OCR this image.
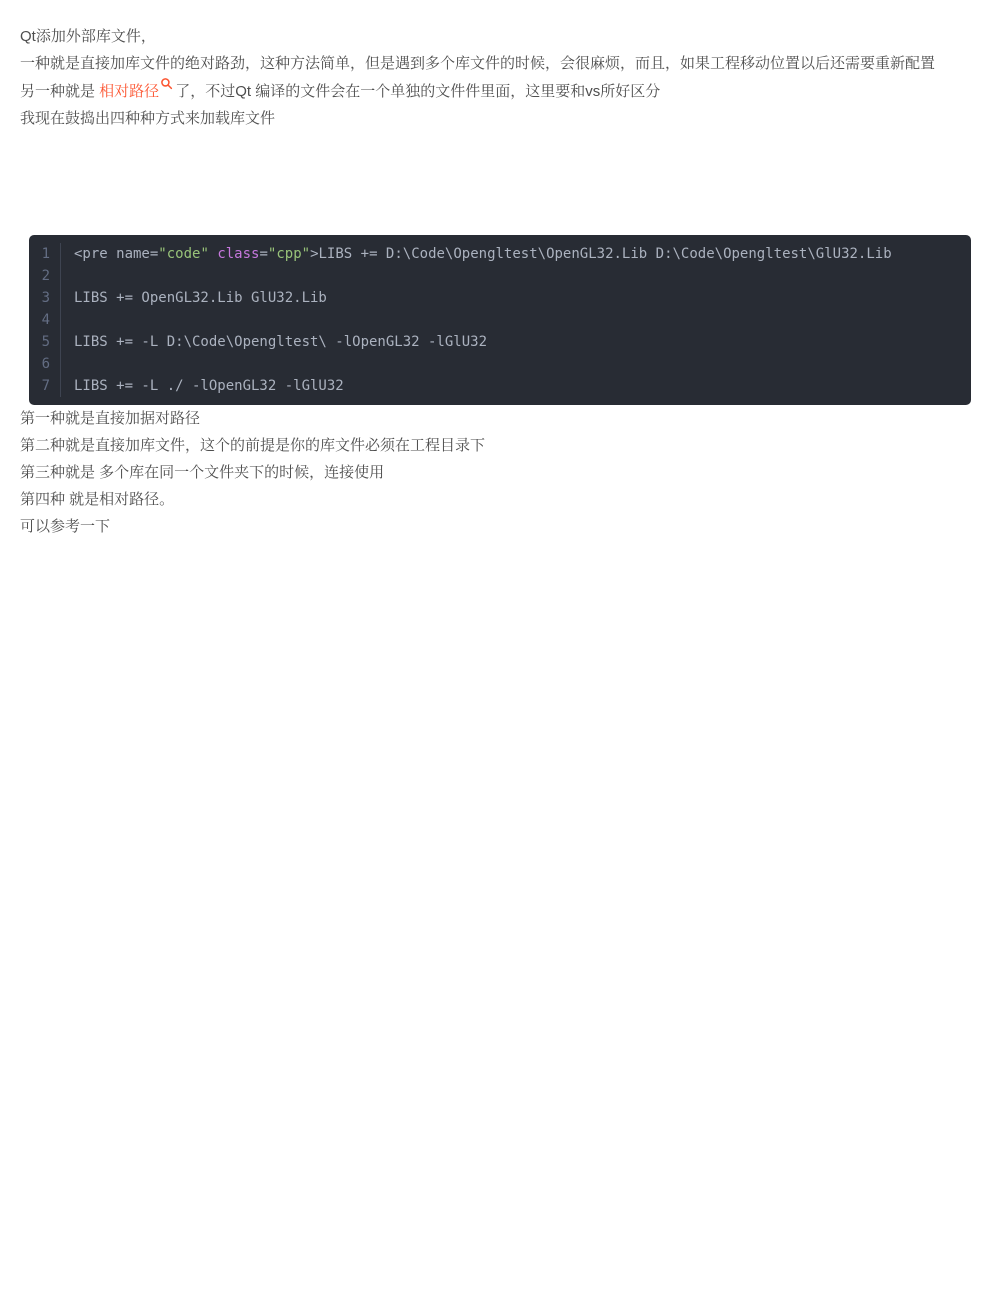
Qt添加外部库文件，

一种就是直接加库文件的绝对路劲，这种方法简单，但是遇到多个库文件的时候，会很麻烦，而且，如果工程移动位置以后还需要重新配置

另一种就是 相对路径 了，不过Qt 编译的文件会在一个单独的文件件里面，这里要和vs所好区分

我现在鼓捣出四种种方式来加载库文件

1	<pre name="code" class="cpp">LIBS += D:\Code\Opengltest\OpenGL32.Lib D:\Code\Opengltest\GlU32.Lib
2
3	LIBS += OpenGL32.Lib GlU32.Lib
4
5	LIBS += -L D:\Code\Opengltest\ -lOpenGL32 -lGlU32
6
7	LIBS += -L ./ -lOpenGL32 -lGlU32

第一种就是直接加据对路径

第二种就是直接加库文件，这个的前提是你的库文件必须在工程目录下

第三种就是 多个库在同一个文件夹下的时候，连接使用

第四种 就是相对路径。

可以参考一下
